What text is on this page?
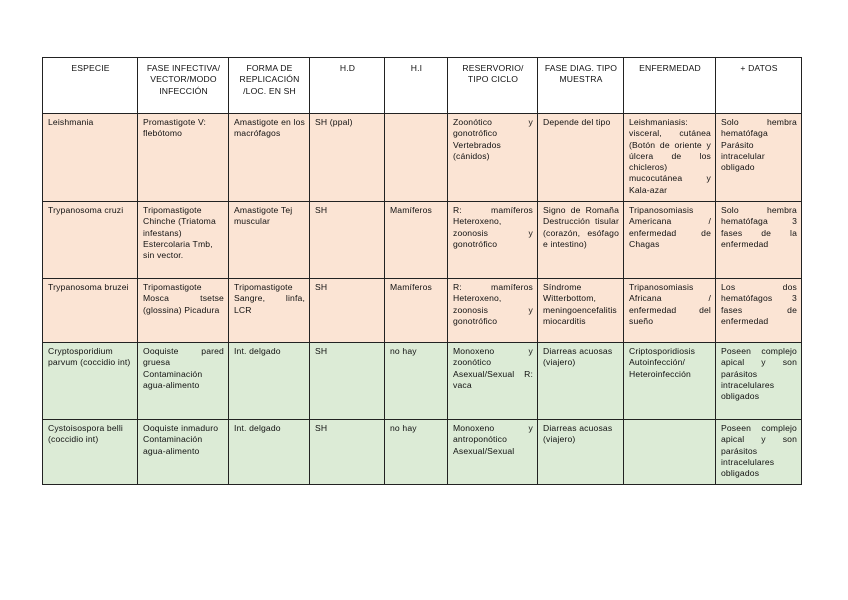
ESPECIE	FASE INFECTIVA/ VECTOR/MODO INFECCIÓN	FORMA DE REPLICACIÓN /LOC. EN SH	H.D	H.I	RESERVORIO/ TIPO CICLO	FASE DIAG. TIPO MUESTRA	ENFERMEDAD	+ DATOS
Leishmania	Promastigote V: flebótomo	Amastigote en los macrófagos	SH (ppal)		Zoonótico y gonotrófico Vertebrados (cánidos)	Depende del tipo	Leishmaniasis: visceral, cutánea (Botón de oriente y úlcera de los chicleros) mucocutánea y Kala-azar	Solo hembra hematófaga Parásito intracelular obligado
Trypanosoma cruzi	Tripomastigote Chinche (Triatoma infestans) Estercolaria Tmb, sin vector.	Amastigote Tej muscular	SH	Mamíferos	R: mamíferos Heteroxeno, zoonosis y gonotrófico	Signo de Romaña Destrucción tisular (corazón, esófago e intestino)	Tripanosomiasis Americana / enfermedad de Chagas	Solo hembra hematófaga 3 fases de la enfermedad
Trypanosoma bruzei	Tripomastigote Mosca tsetse (glossina) Picadura	Tripomastigote Sangre, linfa, LCR	SH	Mamíferos	R: mamíferos Heteroxeno, zoonosis y gonotrófico	Síndrome Witterbottom, meningoencefalitis miocarditis	Tripanosomiasis Africana / enfermedad del sueño	Los dos hematófagos 3 fases de enfermedad
Cryptosporidium parvum (coccidio int)	Ooquiste pared gruesa Contaminación agua-alimento	Int. delgado	SH	no hay	Monoxeno y zoonótico Asexual/Sexual R: vaca	Diarreas acuosas (viajero)	Criptosporidiosis Autoinfección/ Heteroinfección	Poseen complejo apical y son parásitos intracelulares obligados
Cystoisospora belli (coccidio int)	Ooquiste inmaduro Contaminación agua-alimento	Int. delgado	SH	no hay	Monoxeno y antroponótico Asexual/Sexual	Diarreas acuosas (viajero)		Poseen complejo apical y son parásitos intracelulares obligados
